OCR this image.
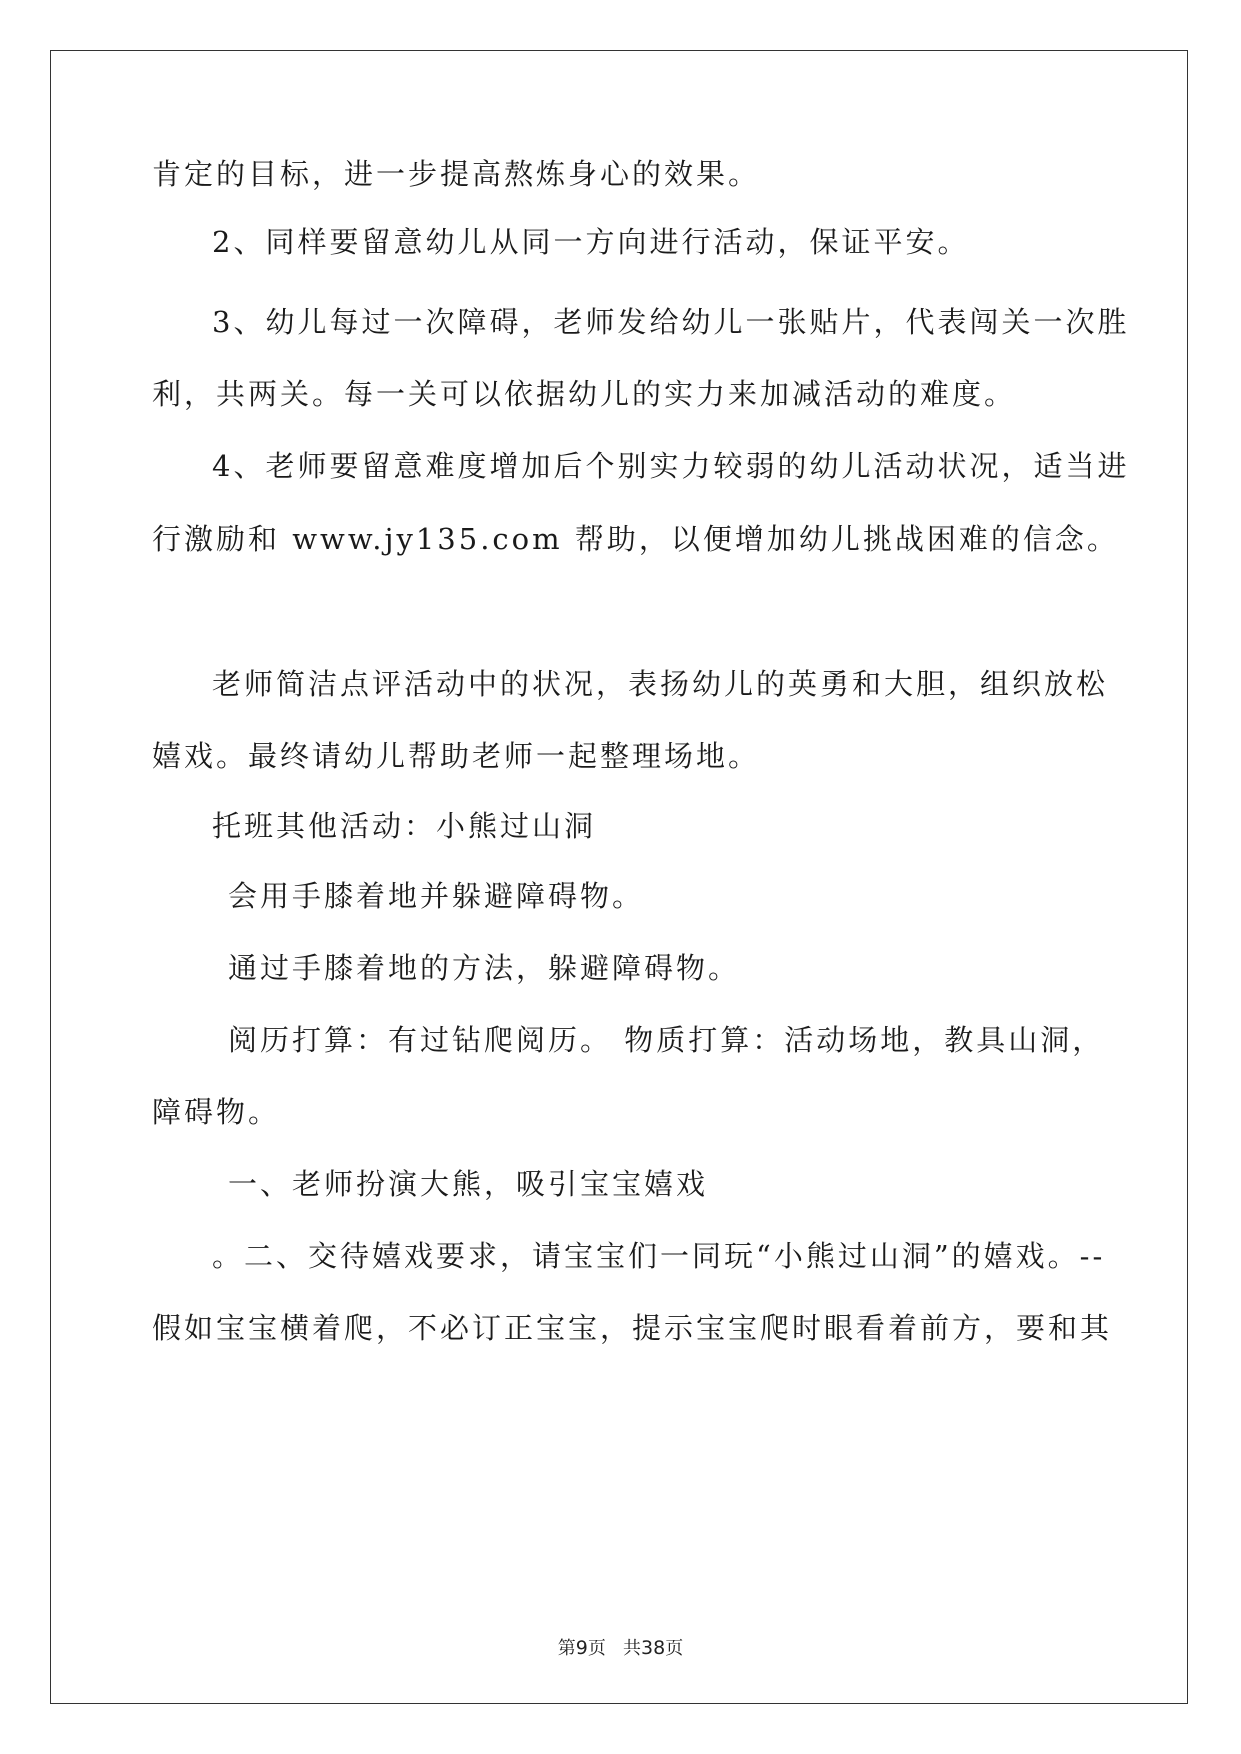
肯定的目标，进一步提高熬炼身心的效果。
2、同样要留意幼儿从同一方向进行活动，保证平安。
3、幼儿每过一次障碍，老师发给幼儿一张贴片，代表闯关一次胜
利，共两关。每一关可以依据幼儿的实力来加减活动的难度。
4、老师要留意难度增加后个别实力较弱的幼儿活动状况，适当进
行激励和 www.jy135.com 帮助，以便增加幼儿挑战困难的信念。
老师简洁点评活动中的状况，表扬幼儿的英勇和大胆，组织放松
嬉戏。最终请幼儿帮助老师一起整理场地。
托班其他活动：小熊过山洞
会用手膝着地并躲避障碍物。
通过手膝着地的方法，躲避障碍物。
阅历打算：有过钻爬阅历。 物质打算：活动场地，教具山洞，
障碍物。
一、老师扮演大熊，吸引宝宝嬉戏
。二、交待嬉戏要求，请宝宝们一同玩“小熊过山洞”的嬉戏。--
假如宝宝横着爬，不必订正宝宝，提示宝宝爬时眼看着前方，要和其
第9页   共38页
